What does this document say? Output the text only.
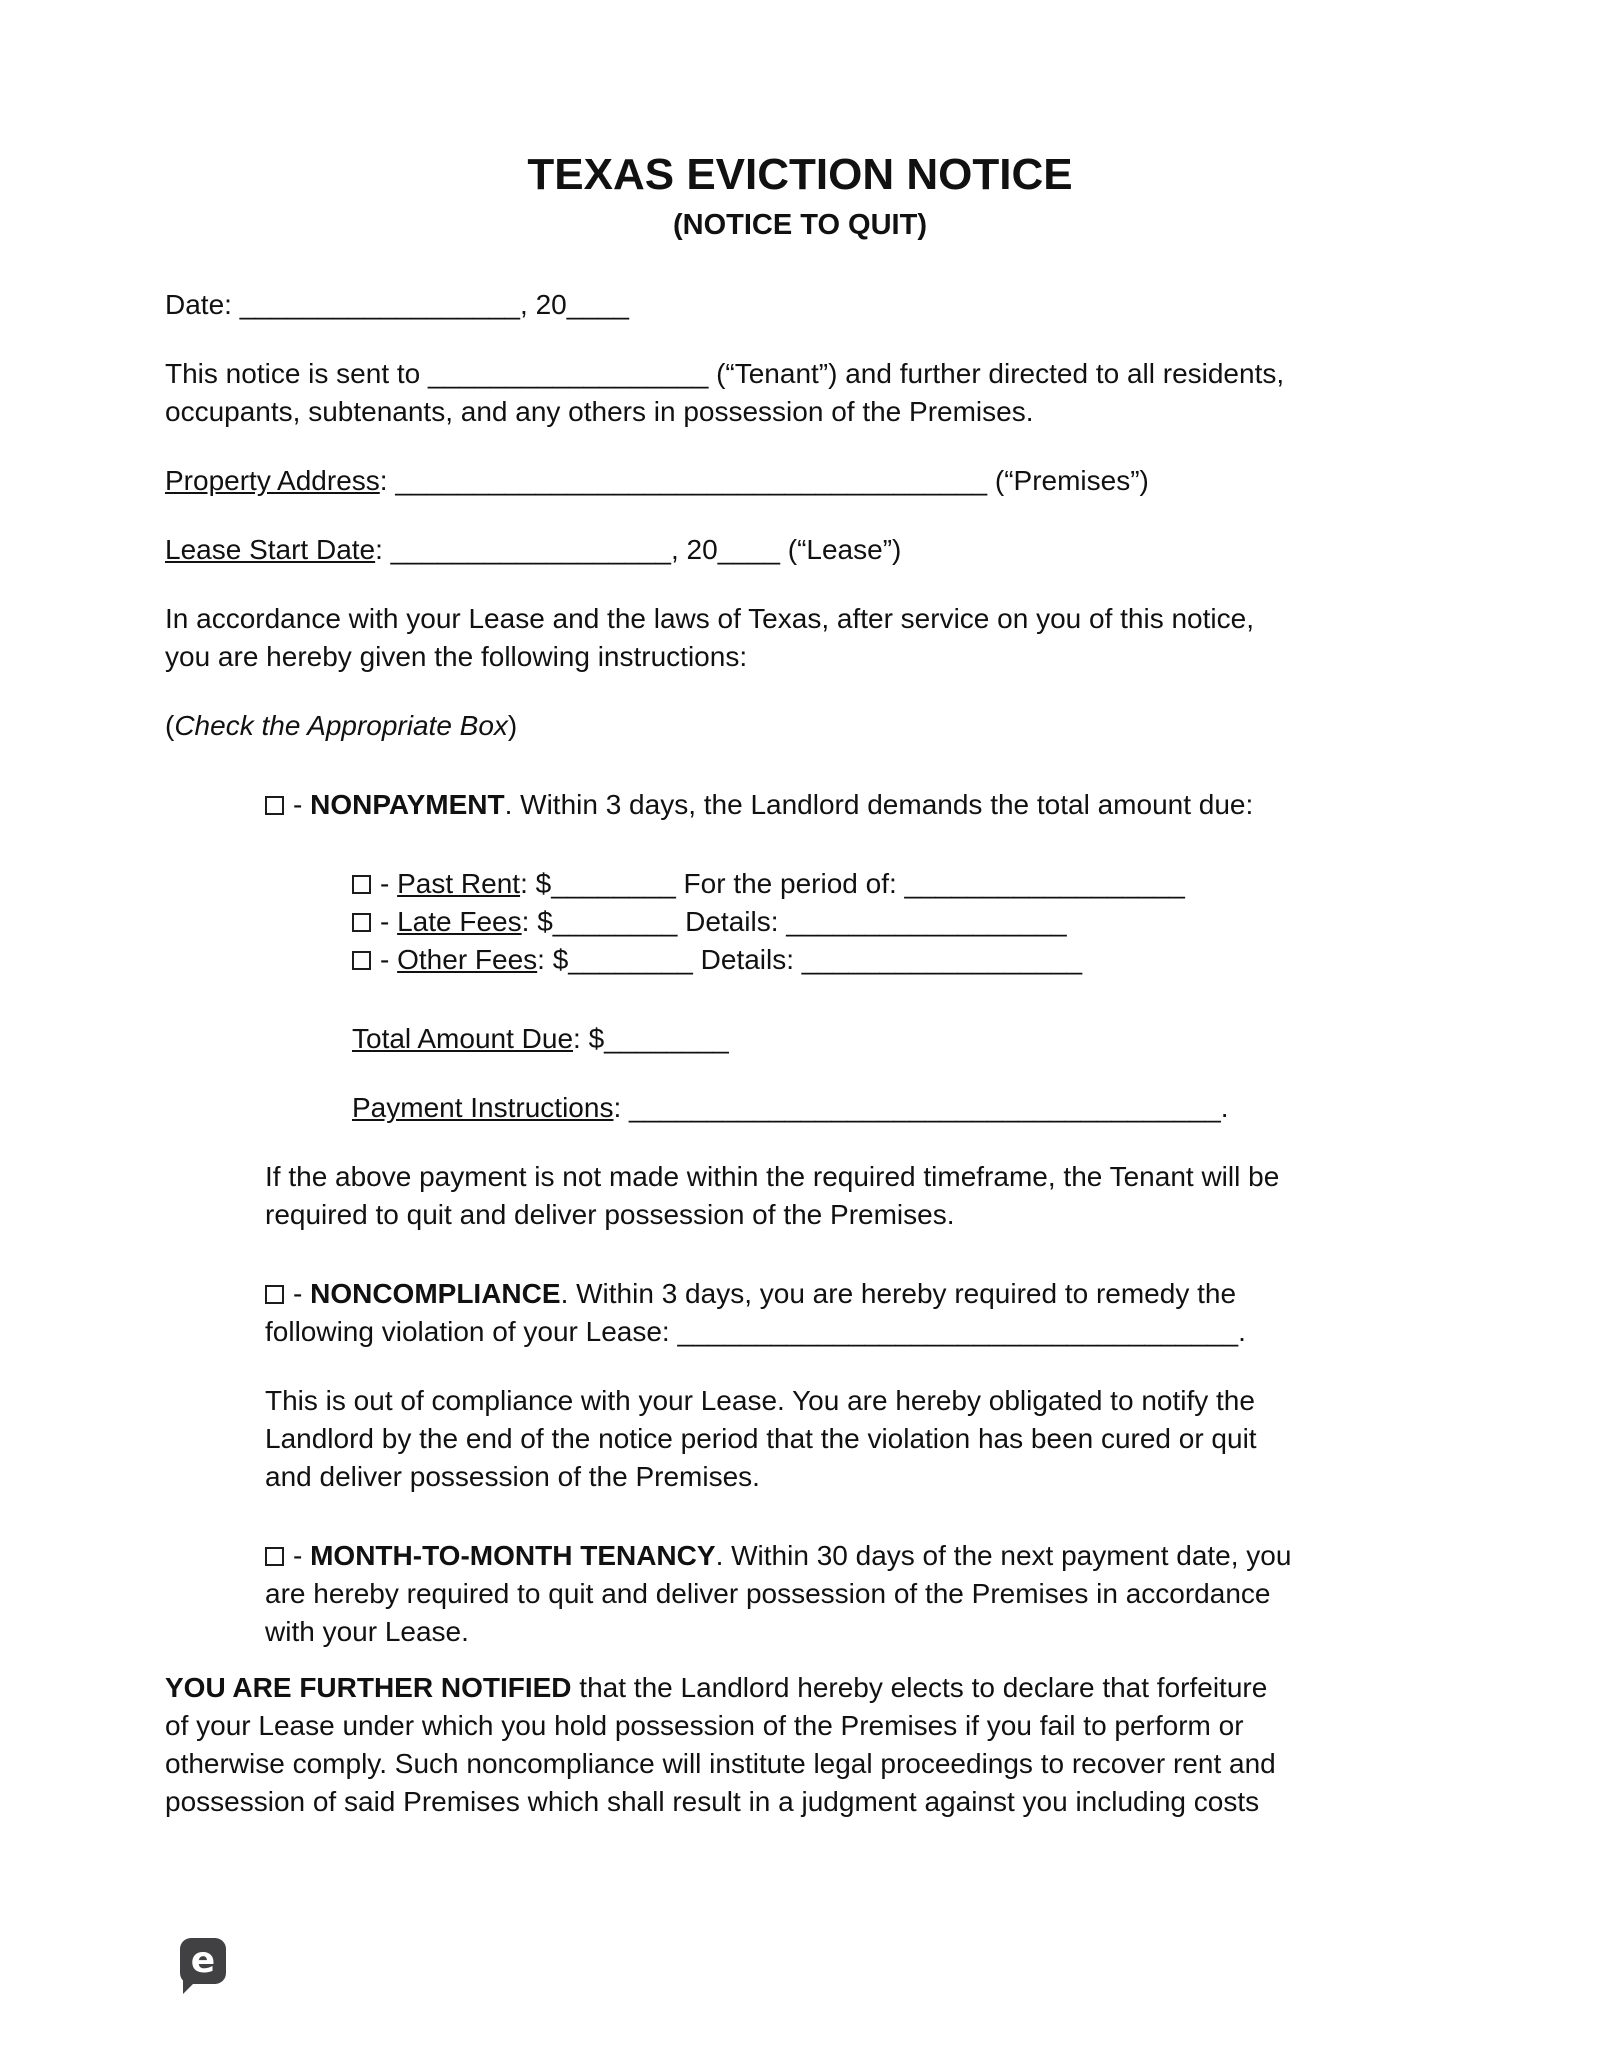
TEXAS EVICTION NOTICE
(NOTICE TO QUIT)

Date: __________________, 20____

This notice is sent to __________________ (“Tenant”) and further directed to all residents,
occupants, subtenants, and any others in possession of the Premises.

Property Address: ______________________________________ (“Premises”)

Lease Start Date: __________________, 20____ (“Lease”)

In accordance with your Lease and the laws of Texas, after service on you of this notice,
you are hereby given the following instructions:

(Check the Appropriate Box)

- NONPAYMENT. Within 3 days, the Landlord demands the total amount due:

- Past Rent: $________ For the period of: __________________

- Late Fees: $________ Details: __________________

- Other Fees: $________ Details: __________________

Total Amount Due: $________

Payment Instructions: ______________________________________.

If the above payment is not made within the required timeframe, the Tenant will be
required to quit and deliver possession of the Premises.

- NONCOMPLIANCE. Within 3 days, you are hereby required to remedy the
following violation of your Lease: ____________________________________.

This is out of compliance with your Lease. You are hereby obligated to notify the
Landlord by the end of the notice period that the violation has been cured or quit
and deliver possession of the Premises.

- MONTH-TO-MONTH TENANCY. Within 30 days of the next payment date, you
are hereby required to quit and deliver possession of the Premises in accordance
with your Lease.

YOU ARE FURTHER NOTIFIED that the Landlord hereby elects to declare that forfeiture
of your Lease under which you hold possession of the Premises if you fail to perform or
otherwise comply. Such noncompliance will institute legal proceedings to recover rent and
possession of said Premises which shall result in a judgment against you including costs

e
